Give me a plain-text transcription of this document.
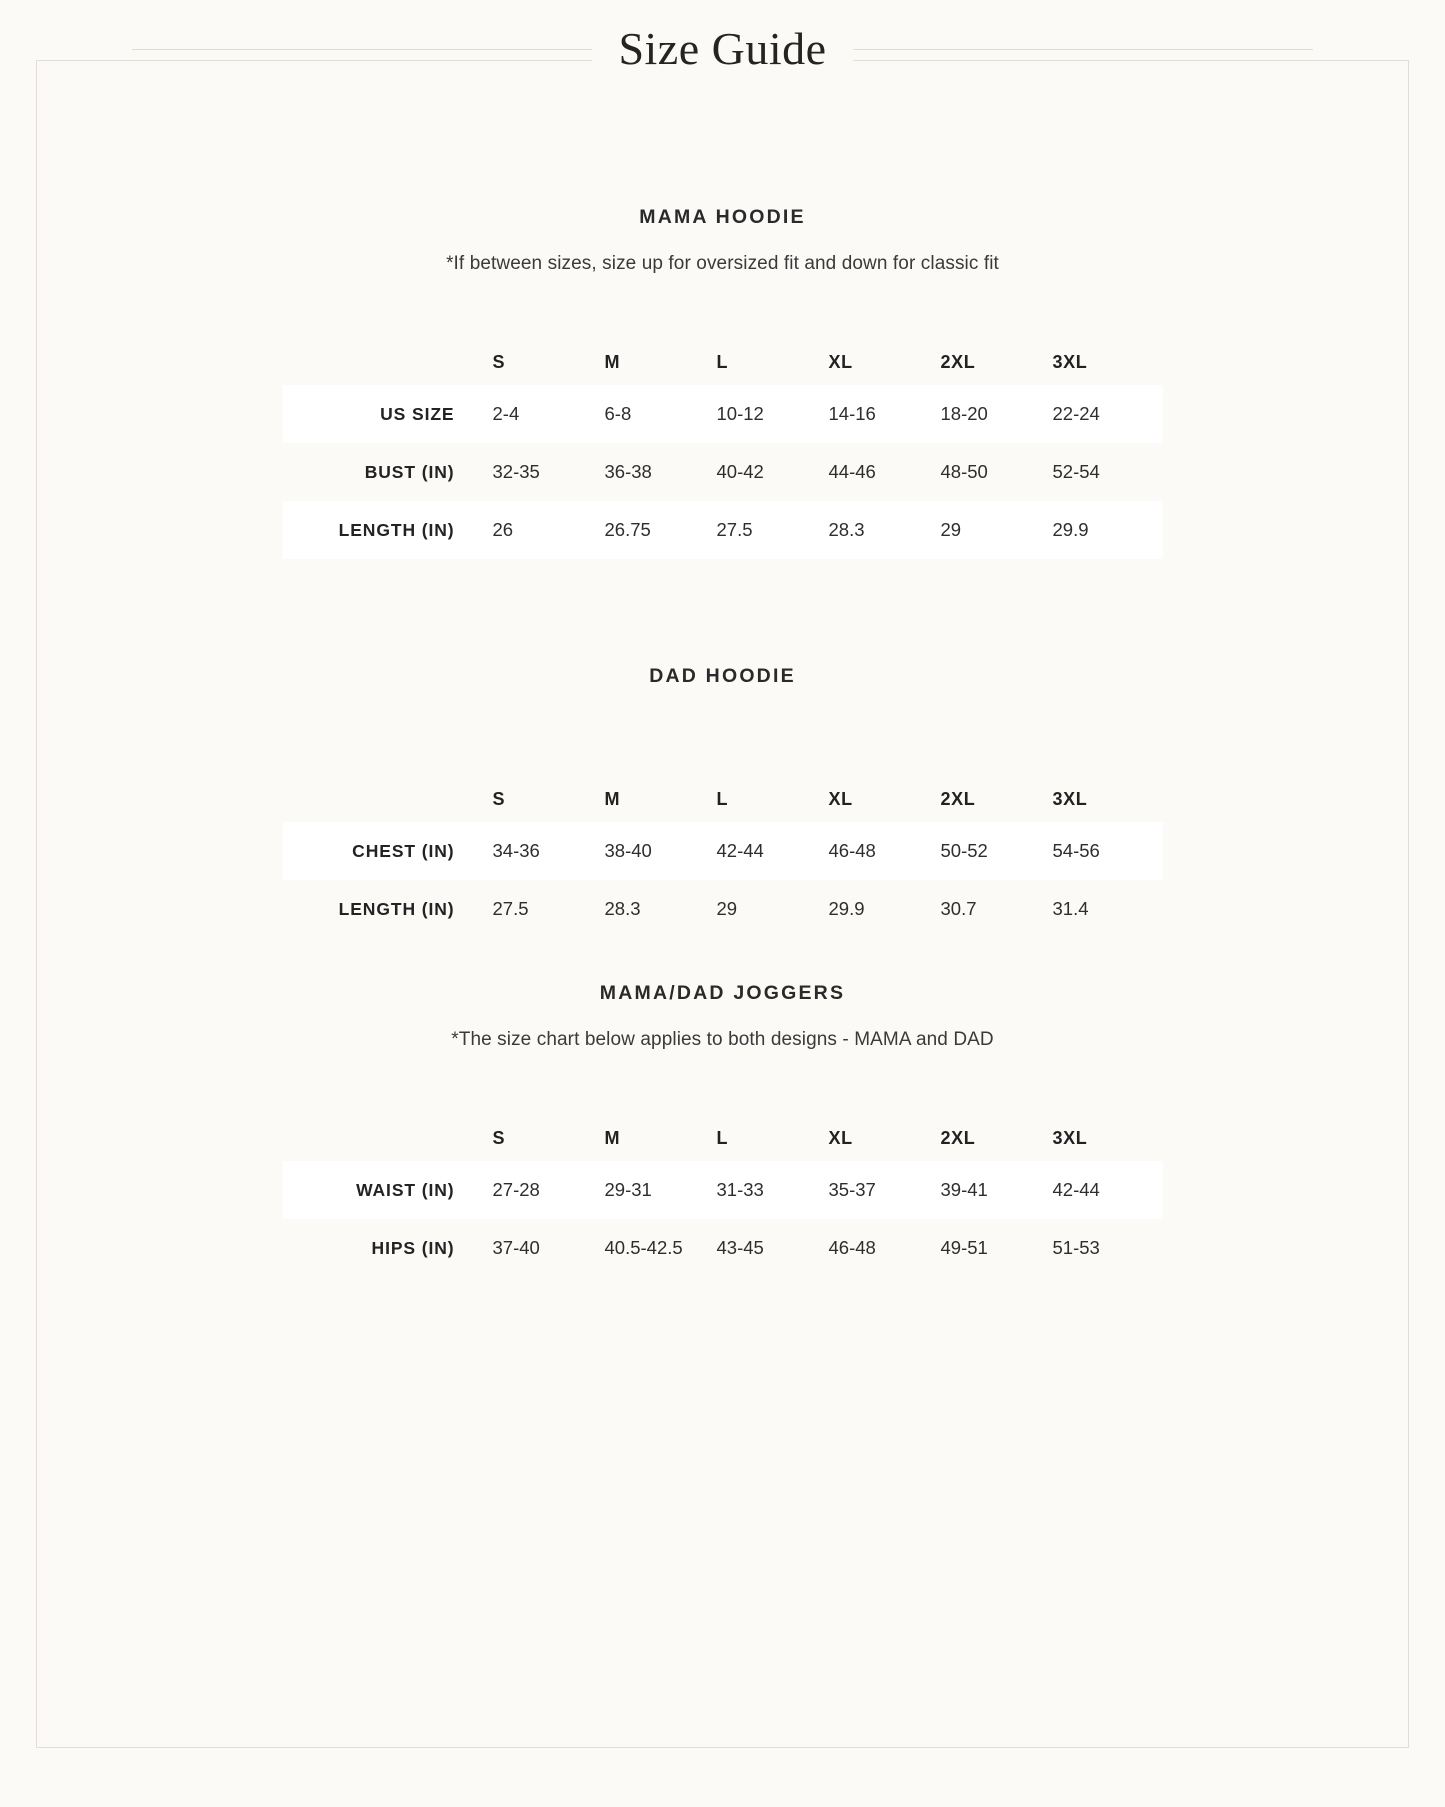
Size Guide
MAMA HOODIE
*If between sizes, size up for oversized fit and down for classic fit
	S	M	L	XL	2XL	3XL
US SIZE	2-4	6-8	10-12	14-16	18-20	22-24
BUST (IN)	32-35	36-38	40-42	44-46	48-50	52-54
LENGTH (IN)	26	26.75	27.5	28.3	29	29.9
DAD HOODIE
	S	M	L	XL	2XL	3XL
CHEST (IN)	34-36	38-40	42-44	46-48	50-52	54-56
LENGTH (IN)	27.5	28.3	29	29.9	30.7	31.4
MAMA/DAD JOGGERS
*The size chart below applies to both designs - MAMA and DAD
	S	M	L	XL	2XL	3XL
WAIST (IN)	27-28	29-31	31-33	35-37	39-41	42-44
HIPS (IN)	37-40	40.5-42.5	43-45	46-48	49-51	51-53
